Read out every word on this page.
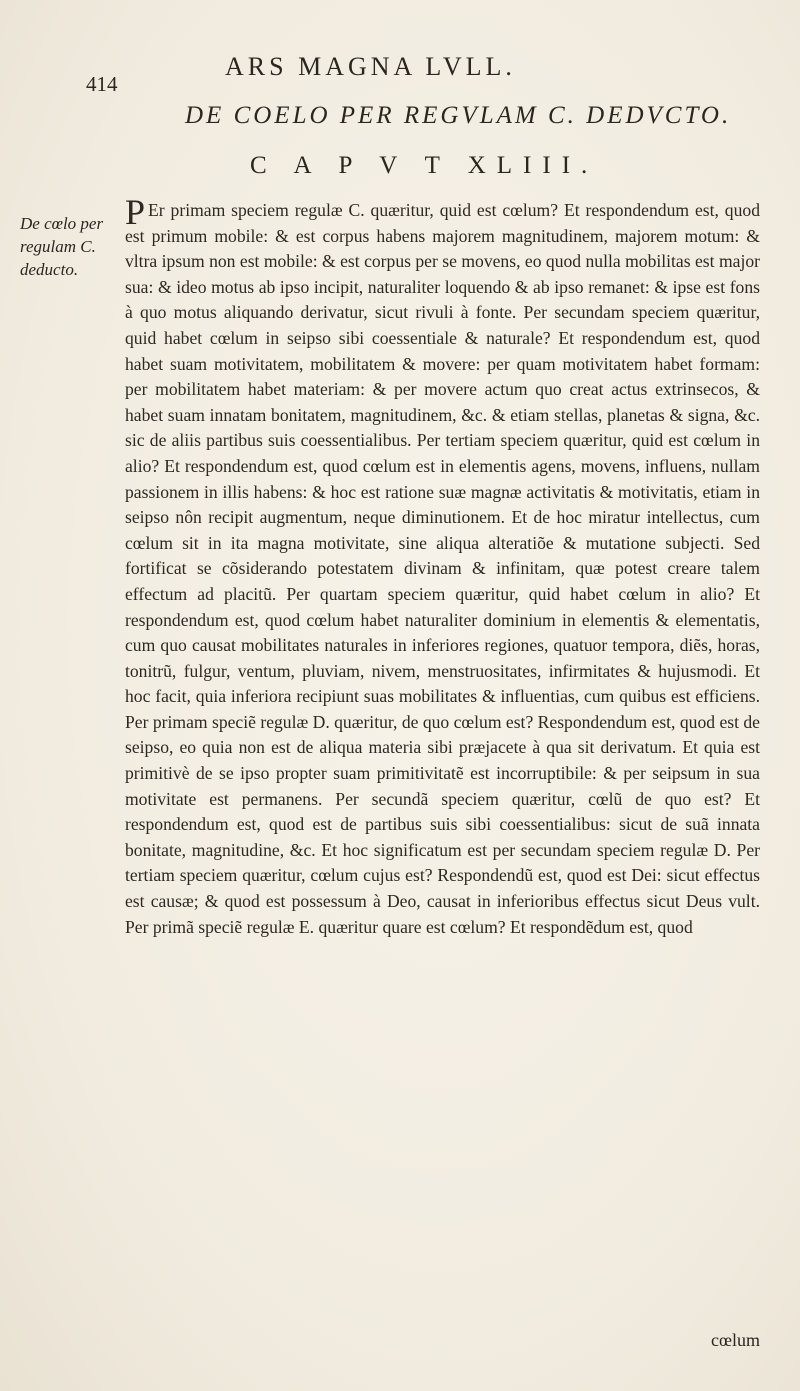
414
ARS MAGNA LVLL.
DE COELO PER REGVLAM C. DEDVCTO.
C A P V T XLIII.
De cœlo per regulam C. deducto.
PEr primam speciem regulæ C. quæritur, quid est cœlum? Et respondendum est, quod est primum mobile: & est corpus habens majorem magnitudinem, majorem motum: & vltra ipsum non est mobile: & est corpus per se movens, eo quod nulla mobilitas est major sua: & ideo motus ab ipso incipit, naturaliter loquendo & ab ipso remanet: & ipse est fons à quo motus aliquando derivatur, sicut rivuli à fonte. Per secundam speciem quæritur, quid habet cœlum in seipso sibi coessentiale & naturale? Et respondendum est, quod habet suam motivitatem, mobilitatem & movere: per quam motivitatem habet formam: per mobilitatem habet materiam: & per movere actum quo creat actus extrinsecos, & habet suam innatam bonitatem, magnitudinem, &c. & etiam stellas, planetas & signa, &c. sic de aliis partibus suis coessentialibus. Per tertiam speciem quæritur, quid est cœlum in alio? Et respondendum est, quod cœlum est in elementis agens, movens, influens, nullam passionem in illis habens: & hoc est ratione suæ magnæ activitatis & motivitatis, etiam in seipso nôn recipit augmentum, neque diminutionem. Et de hoc miratur intellectus, cum cœlum sit in ita magna motivitate, sine aliqua alteratiõe & mutatione subjecti. Sed fortificat se cõsiderando potestatem divinam & infinitam, quæ potest creare talem effectum ad placitũ. Per quartam speciem quæritur, quid habet cœlum in alio? Et respondendum est, quod cœlum habet naturaliter dominium in elementis & elementatis, cum quo causat mobilitates naturales in inferiores regiones, quatuor tempora, diẽs, horas, tonitrũ, fulgur, ventum, pluviam, nivem, menstruositates, infirmitates & hujusmodi. Et hoc facit, quia inferiora recipiunt suas mobilitates & influentias, cum quibus est efficiens. Per primam speciẽ regulæ D. quæritur, de quo cœlum est? Respondendum est, quod est de seipso, eo quia non est de aliqua materia sibi præjacete à qua sit derivatum. Et quia est primitivè de se ipso propter suam primitivitatẽ est incorruptibile: & per seipsum in sua motivitate est permanens. Per secundã speciem quæritur, cœlũ de quo est? Et respondendum est, quod est de partibus suis sibi coessentialibus: sicut de suã innata bonitate, magnitudine, &c. Et hoc significatum est per secundam speciem regulæ D. Per tertiam speciem quæritur, cœlum cujus est? Respondendũ est, quod est Dei: sicut effectus est causæ; & quod est possessum à Deo, causat in inferioribus effectus sicut Deus vult. Per primã speciẽ regulæ E. quæritur quare est cœlum? Et respondẽdum est, quod
cœlum
